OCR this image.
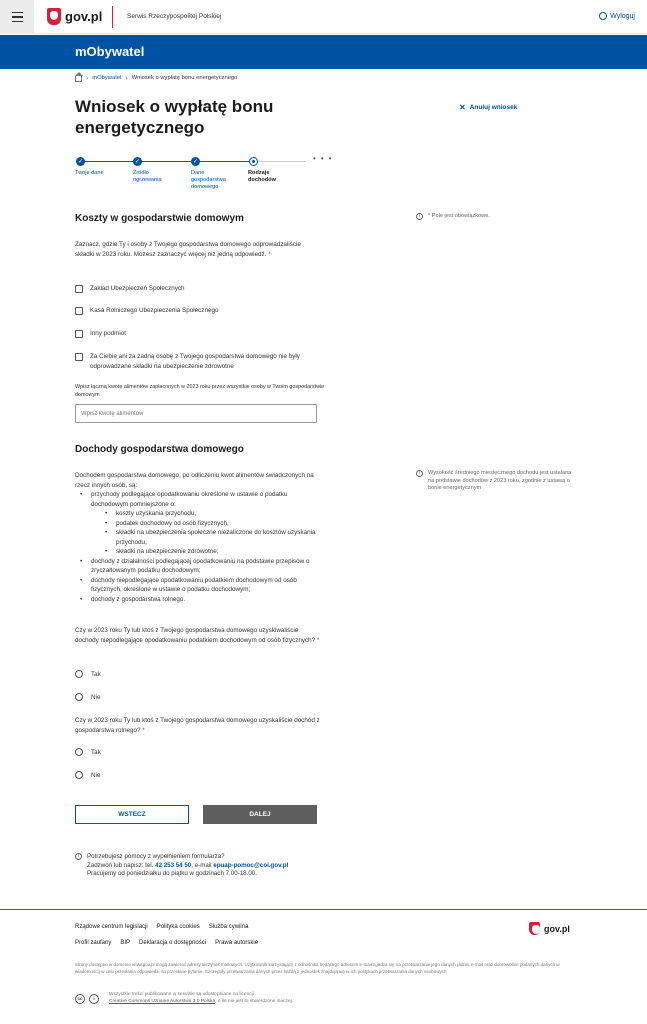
gov.pl	Serwis Rzeczypospolitej Polskiej	Wyloguj
mObywatel
› mObywatel › Wniosek o wypłatę bonu energetycznego
Wniosek o wypłatę bonu energetycznego
✕ Anuluj wniosek
•••
✓	✓	✓
Twoje dane	Źródło ogrzewania
Dane gospodarstwa domowego
Rodzaje dochodów
Koszty w gospodarstwie domowym	i	* Pole jest obowiązkowe.
Zaznacz, gdzie Ty i osoby z Twojego gospodarstwa domowego odprowadzaliście składki w 2023 roku. Możesz zaznaczyć więcej niż jedną odpowiedź. *
Zakład Ubezpieczeń Społecznych
Kasa Rolniczego Ubezpieczenia Społecznego
Inny podmiot
Za Ciebie ani za żadną osobę z Twojego gospodarstwa domowego nie były odprowadzane składki na ubezpieczenie zdrowotne
Wpisz łączną kwotę alimentów zapłaconych w 2023 roku przez wszystkie osoby w Twoim gospodarstwie domowym
Wpisz kwotę alimentów
Dochody gospodarstwa domowego
i	Wysokość średniego miesięcznego dochodu jest ustalana na podstawie dochodów z 2023 roku, zgodnie z ustawą o bonie energetycznym
Dochodem gospodarstwa domowego, po odliczeniu kwot alimentów świadczonych na rzecz innych osób, są:
• przychody podlegające opodatkowaniu określone w ustawie o podatku dochodowym pomniejszone o:
• koszty uzyskania przychodu,
• podatek dochodowy od osób fizycznych,
• składki na ubezpieczenia społeczne niezaliczone do kosztów uzyskania przychodu,
• składki na ubezpieczenie zdrowotne;
• dochody z działalności podlegającej opodatkowaniu na podstawie przepisów o zryczałtowanym podatku dochodowym;
• dochody niepodlegające opodatkowaniu podatkiem dochodowym od osób fizycznych, określone w ustawie o podatku dochodowym;
• dochody z gospodarstwa rolnego.
Czy w 2023 roku Ty lub ktoś z Twojego gospodarstwa domowego uzyskiwaliście dochody niepodlegające opodatkowaniu podatkiem dochodowym od osób fizycznych? *
Tak
Nie
Czy w 2023 roku Ty lub ktoś z Twojego gospodarstwa domowego uzyskaliście dochód z gospodarstwa rolnego? *
Tak
Nie
WSTECZ	DALEJ
i	Potrzebujesz pomocy z wypełnieniem formularza?
Zadzwoń lub napisz: tel. 42 253 54 50, e-mail epuap-pomoc@coi.gov.pl
Pracujemy od poniedziałku do piątku w godzinach 7.00-18.00.
Rządowe centrum legislacji Polityka cookies Służba cywilna
Profil zaufany BIP Deklaracja o dostępności Prawa autorskie
gov.pl
Strony dostępne w domenie www.gov.pl mogą zawierać adresy skrzynek mailowych. Użytkownik korzystający z odnośnika będącego adresem e-mail zgadza się na przetwarzanie jego danych (adres e-mail oraz dobrowolnie podanych danych w wiadomości) w celu przesłania odpowiedzi na przesłane pytanie. Szczegóły przetwarzania danych przez każdą z jednostek znajdują się w ich politykach przetwarzania danych osobowych
cc	i
Wszystkie treści publikowane w serwisie są udostępniane na licencji
Creative Commons Uznanie Autorstwa 3.0 Polska, o ile nie jest to stwierdzone inaczej.
